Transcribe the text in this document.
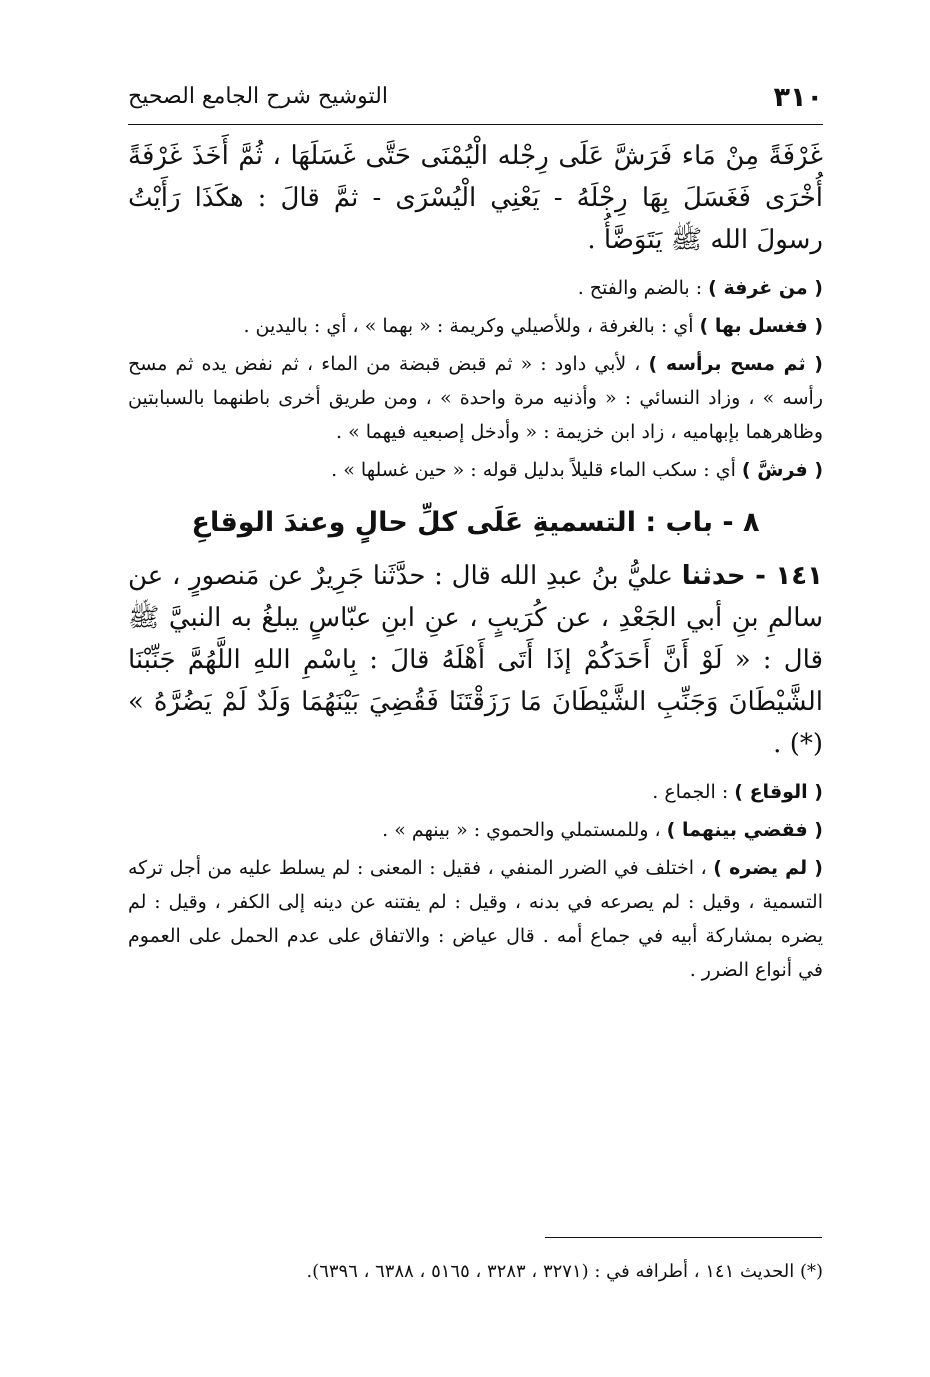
٣١٠
التوشيح شرح الجامع الصحيح

غَرْفَةً مِنْ مَاء فَرَشَّ عَلَى رِجْله الْيُمْنَى حَتَّى غَسَلَهَا ، ثُمَّ أَخَذَ غَرْفَةً أُخْرَى فَغَسَلَ بِهَا رِجْلَهُ - يَعْنِي الْيُسْرَى - ثمَّ قالَ : هكَذَا رَأَيْتُ رسولَ الله ﷺ يَتَوَضَّأُ .

( من غرفة ) : بالضم والفتح .

( فغسل بها ) أي : بالغرفة ، وللأصيلي وكريمة : « بهما » ، أي : باليدين .

( ثم مسح برأسه ) ، لأبي داود : « ثم قبض قبضة من الماء ، ثم نفض يده ثم مسح رأسه » ، وزاد النسائي : « وأذنيه مرة واحدة » ، ومن طريق أخرى باطنهما بالسبابتين وظاهرهما بإبهاميه ، زاد ابن خزيمة : « وأدخل إصبعيه فيهما » .

( فرشَّ ) أي : سكب الماء قليلاً بدليل قوله : « حين غسلها » .

٨ - باب : التسميةِ عَلَى كلِّ حالٍ وعندَ الوقاعِ

١٤١ - حدثنا عليُّ بنُ عبدِ الله قال : حدَّثَنا جَرِيرٌ عن مَنصورٍ ، عن سالمِ بنِ أبي الجَعْدِ ، عن كُرَيبٍ ، عنِ ابنِ عبّاسٍ يبلغُ به النبيَّ ﷺ قال : « لَوْ أَنَّ أَحَدَكُمْ إذَا أَتَى أَهْلَهُ قالَ : بِاسْمِ اللهِ اللَّهُمَّ جَنِّبْنَا الشَّيْطَانَ وَجَنِّبِ الشَّيْطَانَ مَا رَزَقْتَنَا فَقُضِيَ بَيْنَهُمَا وَلَدٌ لَمْ يَضُرَّهُ » (*) .

( الوقاع ) : الجماع .

( فقضي بينهما ) ، وللمستملي والحموي : « بينهم » .

( لم يضره ) ، اختلف في الضرر المنفي ، فقيل : المعنى : لم يسلط عليه من أجل تركه التسمية ، وقيل : لم يصرعه في بدنه ، وقيل : لم يفتنه عن دينه إلى الكفر ، وقيل : لم يضره بمشاركة أبيه في جماع أمه . قال عياض : والاتفاق على عدم الحمل على العموم في أنواع الضرر .

(*) الحديث ١٤١ ، أطرافه في : (٣٢٧١ ، ٣٢٨٣ ، ٥١٦٥ ، ٦٣٨٨ ، ٦٣٩٦).
